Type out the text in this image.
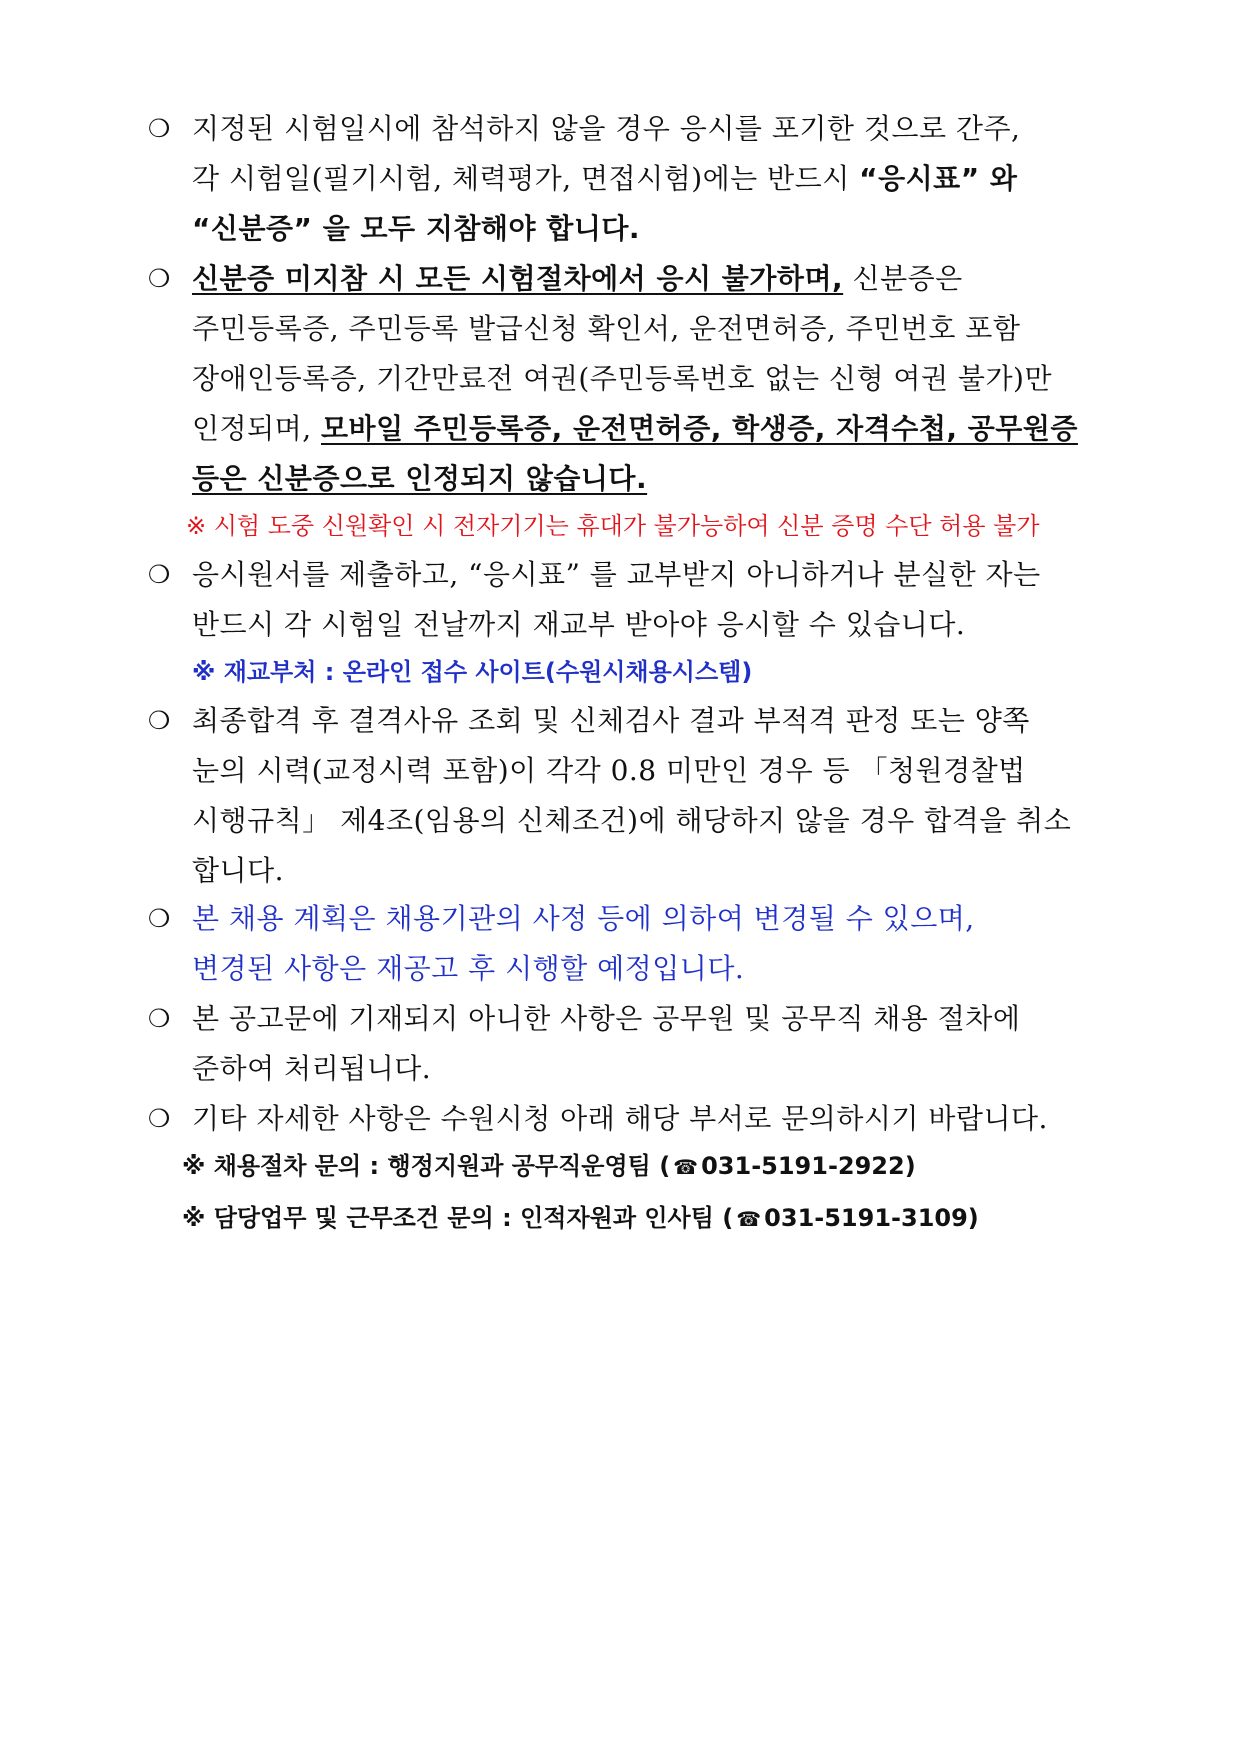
❍ 지정된 시험일시에 참석하지 않을 경우 응시를 포기한 것으로 간주,
각 시험일(필기시험, 체력평가, 면접시험)에는 반드시 “응시표” 와
“신분증” 을 모두 지참해야 합니다.
❍ 신분증 미지참 시 모든 시험절차에서 응시 불가하며, 신분증은
주민등록증, 주민등록 발급신청 확인서, 운전면허증, 주민번호 포함
장애인등록증, 기간만료전 여권(주민등록번호 없는 신형 여권 불가)만
인정되며, 모바일 주민등록증, 운전면허증, 학생증, 자격수첩, 공무원증
등은 신분증으로 인정되지 않습니다.
※ 시험 도중 신원확인 시 전자기기는 휴대가 불가능하여 신분 증명 수단 허용 불가
❍ 응시원서를 제출하고, “응시표” 를 교부받지 아니하거나 분실한 자는
반드시 각 시험일 전날까지 재교부 받아야 응시할 수 있습니다.
※ 재교부처 : 온라인 접수 사이트(수원시채용시스템)
❍ 최종합격 후 결격사유 조회 및 신체검사 결과 부적격 판정 또는 양쪽
눈의 시력(교정시력 포함)이 각각 0.8 미만인 경우 등 「청원경찰법
시행규칙」 제4조(임용의 신체조건)에 해당하지 않을 경우 합격을 취소
합니다.
❍ 본 채용 계획은 채용기관의 사정 등에 의하여 변경될 수 있으며,
변경된 사항은 재공고 후 시행할 예정입니다.
❍ 본 공고문에 기재되지 아니한 사항은 공무원 및 공무직 채용 절차에
준하여 처리됩니다.
❍ 기타 자세한 사항은 수원시청 아래 해당 부서로 문의하시기 바랍니다.
※ 채용절차 문의 : 행정지원과 공무직운영팀 ( ☎ 031-5191-2922)
※ 담당업무 및 근무조건 문의 : 인적자원과 인사팀 ( ☎ 031-5191-3109)
